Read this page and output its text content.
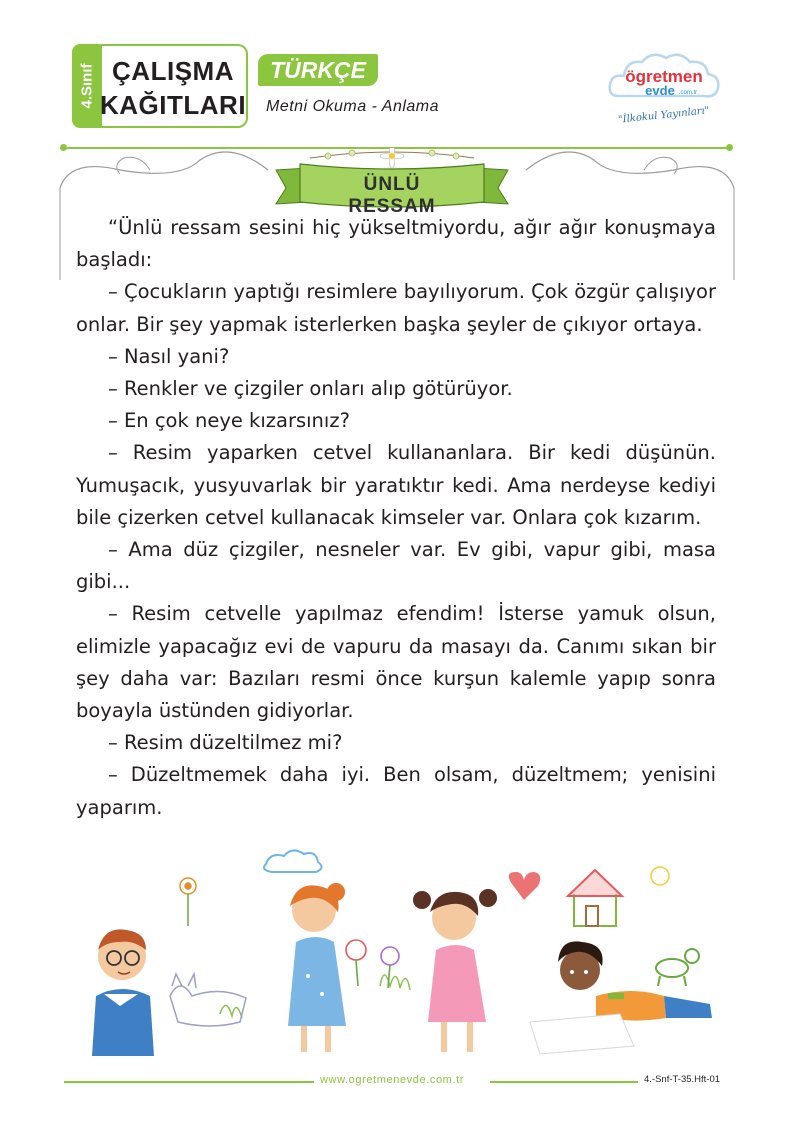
4.Sınıf ÇALIŞMA
KAĞITLARI
TÜRKÇE
Metni Okuma - Anlama
ögretmen
evde .com.tr
"İlkokul Yayınları"
ÜNLÜ RESSAM

“Ünlü ressam sesini hiç yükseltmiyordu, ağır ağır konuşmaya başladı:

– Çocukların yaptığı resimlere bayılıyorum. Çok özgür çalışıyor onlar. Bir şey yapmak isterlerken başka şeyler de çıkıyor ortaya.

– Nasıl yani?

– Renkler ve çizgiler onları alıp götürüyor.

– En çok neye kızarsınız?

– Resim yaparken cetvel kullananlara. Bir kedi düşünün. Yumuşacık, yusyuvarlak bir yaratıktır kedi. Ama nerdeyse kediyi bile çizerken cetvel kullanacak kimseler var. Onlara çok kızarım.

– Ama düz çizgiler, nesneler var. Ev gibi, vapur gibi, masa gibi...

– Resim cetvelle yapılmaz efendim! İsterse yamuk olsun, elimizle yapacağız evi de vapuru da masayı da. Canımı sıkan bir şey daha var: Bazıları resmi önce kurşun kalemle yapıp sonra boyayla üstünden gidiyorlar.

– Resim düzeltilmez mi?

– Düzeltmemek daha iyi. Ben olsam, düzeltmem; yenisini yaparım.

www.ogretmenevde.com.tr	4.-Snf-T-35.Hft-01
